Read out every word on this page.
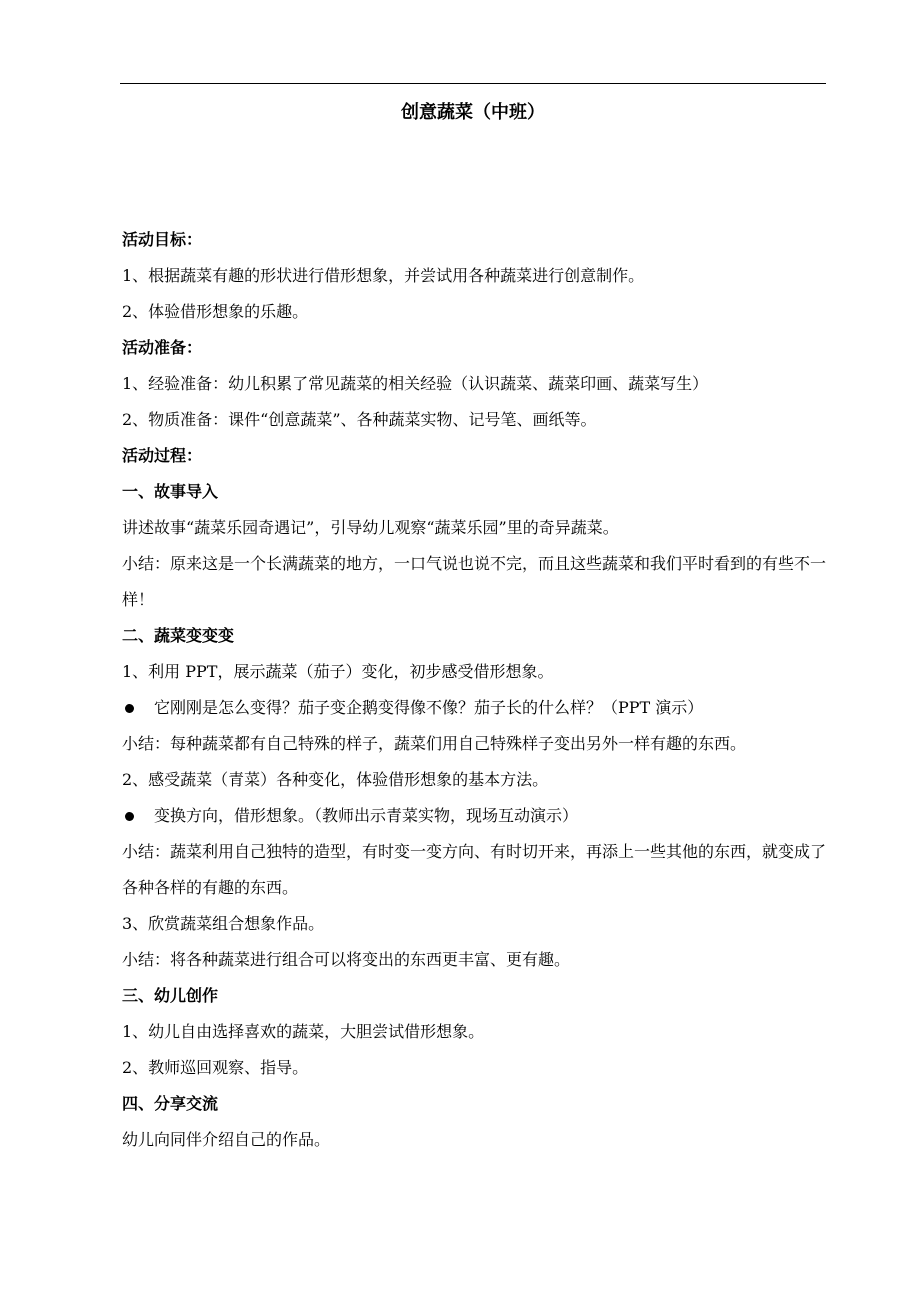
创意蔬菜（中班）
活动目标：
1、根据蔬菜有趣的形状进行借形想象，并尝试用各种蔬菜进行创意制作。
2、体验借形想象的乐趣。
活动准备：
1、经验准备：幼儿积累了常见蔬菜的相关经验（认识蔬菜、蔬菜印画、蔬菜写生）
2、物质准备：课件“创意蔬菜”、各种蔬菜实物、记号笔、画纸等。
活动过程：
一、故事导入
讲述故事“蔬菜乐园奇遇记”，引导幼儿观察“蔬菜乐园”里的奇异蔬菜。
小结：原来这是一个长满蔬菜的地方，一口气说也说不完，而且这些蔬菜和我们平时看到的有些不一样！
二、蔬菜变变变
1、利用 PPT，展示蔬菜（茄子）变化，初步感受借形想象。
它刚刚是怎么变得？茄子变企鹅变得像不像？茄子长的什么样？（PPT 演示）
小结：每种蔬菜都有自己特殊的样子，蔬菜们用自己特殊样子变出另外一样有趣的东西。
2、感受蔬菜（青菜）各种变化，体验借形想象的基本方法。
变换方向，借形想象。（教师出示青菜实物，现场互动演示）
小结：蔬菜利用自己独特的造型，有时变一变方向、有时切开来，再添上一些其他的东西，就变成了各种各样的有趣的东西。
3、欣赏蔬菜组合想象作品。
小结：将各种蔬菜进行组合可以将变出的东西更丰富、更有趣。
三、幼儿创作
1、幼儿自由选择喜欢的蔬菜，大胆尝试借形想象。
2、教师巡回观察、指导。
四、分享交流
幼儿向同伴介绍自己的作品。
